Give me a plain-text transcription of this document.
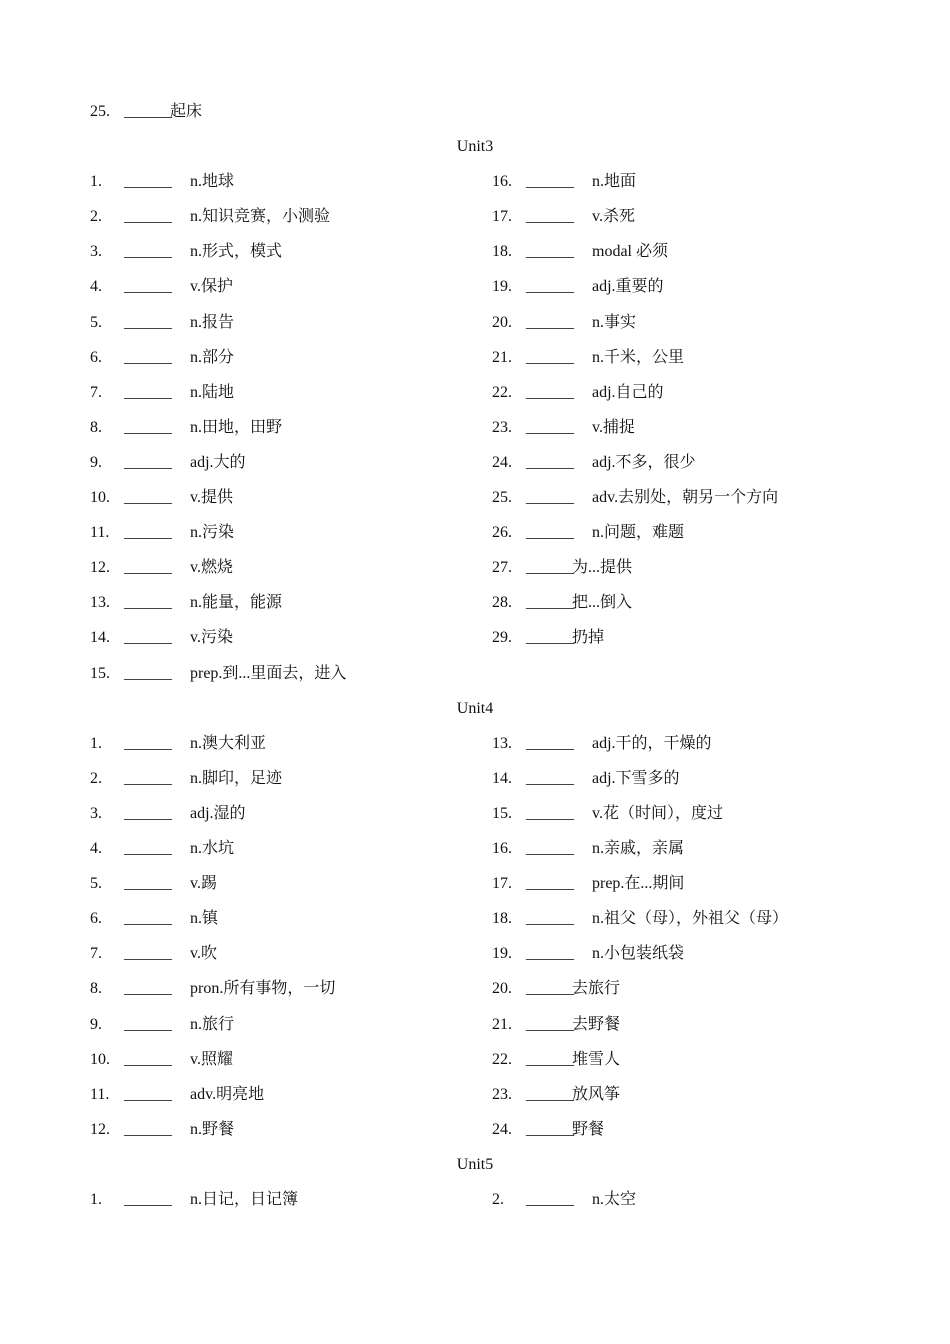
25. ______
起床
Unit3
1. ______ n.地球
2. ______ n.知识竞赛，小测验
3. ______ n.形式，模式
4. ______ v.保护
5. ______ n.报告
6. ______ n.部分
7. ______ n.陆地
8. ______ n.田地，田野
9. ______ adj.大的
10. ______ v.提供
11. ______ n.污染
12. ______ v.燃烧
13. ______ n.能量，能源
14. ______ v.污染
15. ______ prep.到...里面去，进入
16. ______ n.地面
17. ______ v.杀死
18. ______ modal 必须
19. ______ adj.重要的
20. ______ n.事实
21. ______ n.千米，公里
22. ______ adj.自己的
23. ______ v.捕捉
24. ______ adj.不多，很少
25. ______ adv.去别处，朝另一个方向
26. ______ n.问题，难题
27. ______
为...提供
28. ______
把...倒入
29. ______
扔掉
Unit4
1. ______ n.澳大利亚
2. ______ n.脚印，足迹
3. ______ adj.湿的
4. ______ n.水坑
5. ______ v.踢
6. ______ n.镇
7. ______ v.吹
8. ______ pron.所有事物，一切
9. ______ n.旅行
10. ______ v.照耀
11. ______ adv.明亮地
12. ______ n.野餐
13. ______ adj.干的，干燥的
14. ______ adj.下雪多的
15. ______ v.花（时间），度过
16. ______ n.亲戚，亲属
17. ______ prep.在...期间
18. ______ n.祖父（母），外祖父（母）
19. ______ n.小包装纸袋
20. ______
去旅行
21. ______
去野餐
22. ______
堆雪人
23. ______
放风筝
24. ______
野餐
Unit5
1. ______ n.日记，日记簿	2. ______ n.太空
